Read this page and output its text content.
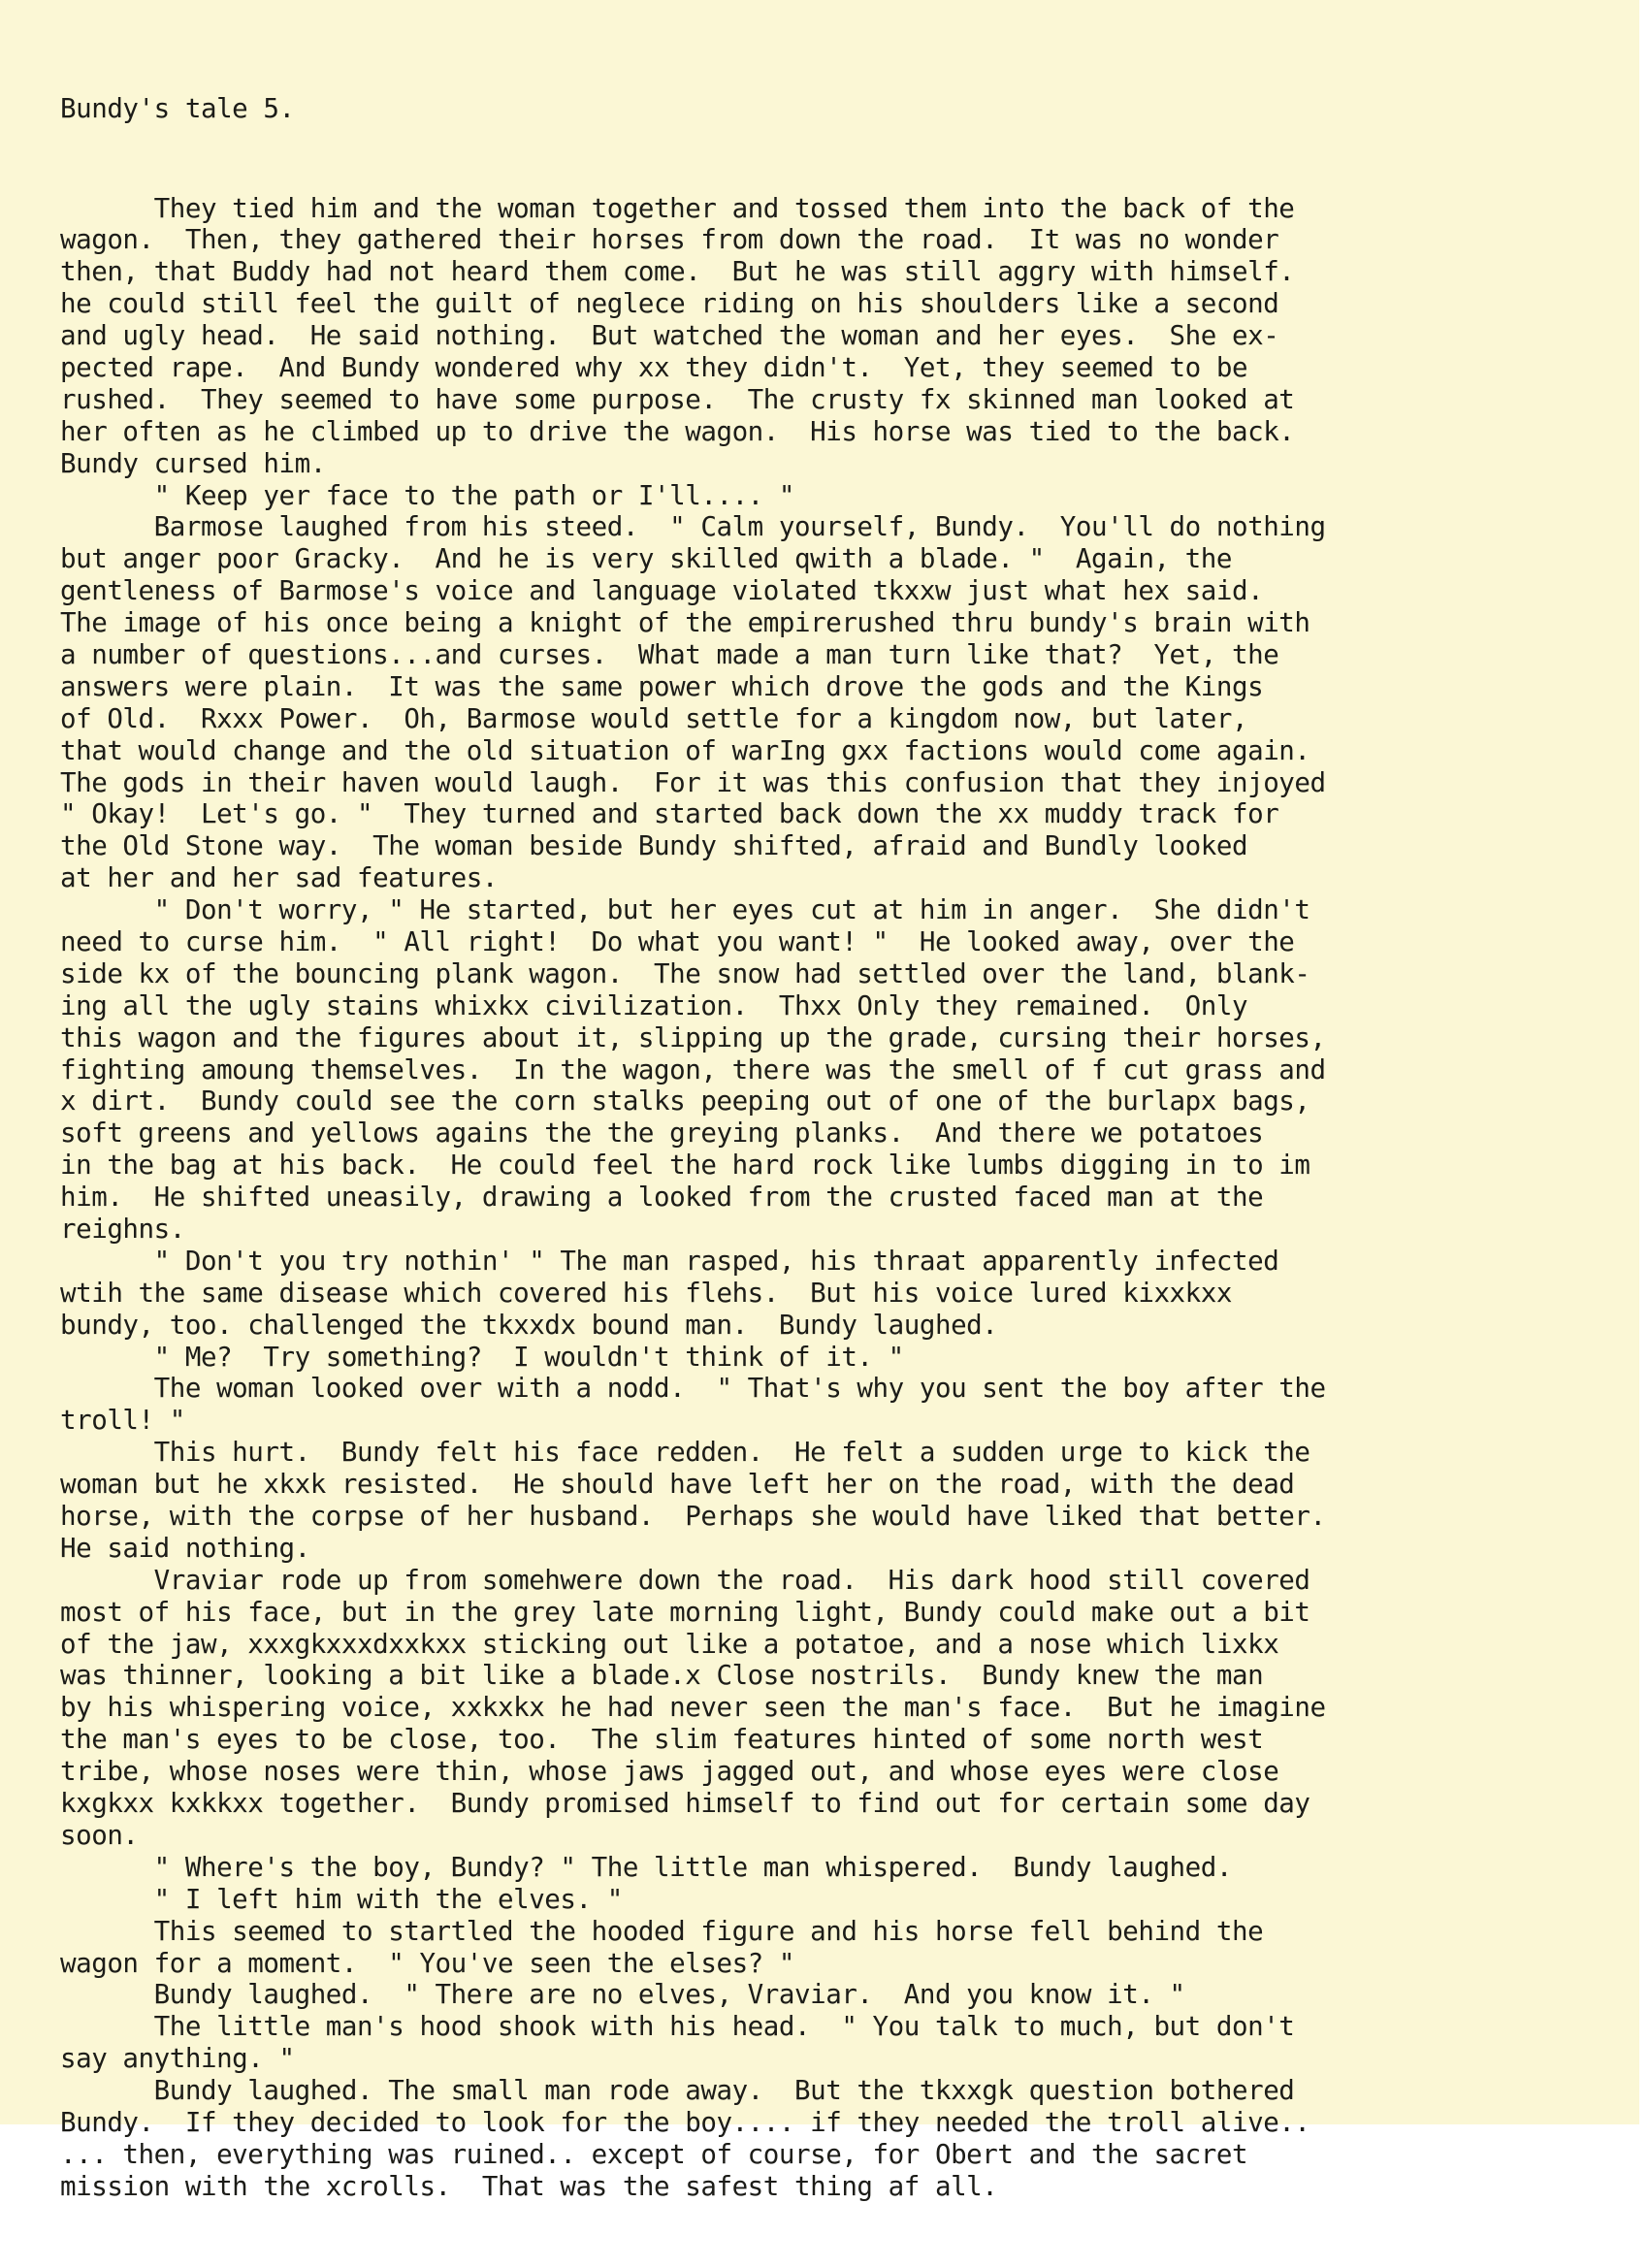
Bundy's tale 5.

They tied him and the woman together and tossed them into the back of the
wagon.  Then, they gathered their horses from down the road.  It was no wonder
then, that Buddy had not heard them come.  But he was still aggry with himself.
he could still feel the guilt of neglece riding on his shoulders like a second
and ugly head.  He said nothing.  But watched the woman and her eyes.  She ex-
pected rape.  And Bundy wondered why xx they didn't.  Yet, they seemed to be
rushed.  They seemed to have some purpose.  The crusty fx skinned man looked at
her often as he climbed up to drive the wagon.  His horse was tied to the back.
Bundy cursed him.
" Keep yer face to the path or I'll.... "
Barmose laughed from his steed.  " Calm yourself, Bundy.  You'll do nothing
but anger poor Gracky.  And he is very skilled qwith a blade. "  Again, the
gentleness of Barmose's voice and language violated tkxxw just what hex said.
The image of his once being a knight of the empirerushed thru bundy's brain with
a number of questions...and curses.  What made a man turn like that?  Yet, the
answers were plain.  It was the same power which drove the gods and the Kings
of Old.  Rxxx Power.  Oh, Barmose would settle for a kingdom now, but later,
that would change and the old situation of warIng gxx factions would come again.
The gods in their haven would laugh.  For it was this confusion that they injoyed
" Okay!  Let's go. "  They turned and started back down the xx muddy track for
the Old Stone way.  The woman beside Bundy shifted, afraid and Bundly looked
at her and her sad features.
" Don't worry, " He started, but her eyes cut at him in anger.  She didn't
need to curse him.  " All right!  Do what you want! "  He looked away, over the
side kx of the bouncing plank wagon.  The snow had settled over the land, blank-
ing all the ugly stains whixkx civilization.  Thxx Only they remained.  Only
this wagon and the figures about it, slipping up the grade, cursing their horses,
fighting amoung themselves.  In the wagon, there was the smell of f cut grass and
x dirt.  Bundy could see the corn stalks peeping out of one of the burlapx bags,
soft greens and yellows agains the the greying planks.  And there we potatoes
in the bag at his back.  He could feel the hard rock like lumbs digging in to im
him.  He shifted uneasily, drawing a looked from the crusted faced man at the
reighns.
" Don't you try nothin' " The man rasped, his thraat apparently infected
wtih the same disease which covered his flehs.  But his voice lured kixxkxx
bundy, too. challenged the tkxxdx bound man.  Bundy laughed.
" Me?  Try something?  I wouldn't think of it. "
The woman looked over with a nodd.  " That's why you sent the boy after the
troll! "
This hurt.  Bundy felt his face redden.  He felt a sudden urge to kick the
woman but he xkxk resisted.  He should have left her on the road, with the dead
horse, with the corpse of her husband.  Perhaps she would have liked that better.
He said nothing.
Vraviar rode up from somehwere down the road.  His dark hood still covered
most of his face, but in the grey late morning light, Bundy could make out a bit
of the jaw, xxxgkxxxdxxkxx sticking out like a potatoe, and a nose which lixkx
was thinner, looking a bit like a blade.x Close nostrils.  Bundy knew the man
by his whispering voice, xxkxkx he had never seen the man's face.  But he imagine
the man's eyes to be close, too.  The slim features hinted of some north west
tribe, whose noses were thin, whose jaws jagged out, and whose eyes were close
kxgkxx kxkkxx together.  Bundy promised himself to find out for certain some day
soon.
" Where's the boy, Bundy? " The little man whispered.  Bundy laughed.
" I left him with the elves. "
This seemed to startled the hooded figure and his horse fell behind the
wagon for a moment.  " You've seen the elses? "
Bundy laughed.  " There are no elves, Vraviar.  And you know it. "
The little man's hood shook with his head.  " You talk to much, but don't
say anything. "
Bundy laughed. The small man rode away.  But the tkxxgk question bothered
Bundy.  If they decided to look for the boy.... if they needed the troll alive..
... then, everything was ruined.. except of course, for Obert and the sacret
mission with the xcrolls.  That was the safest thing af all.
